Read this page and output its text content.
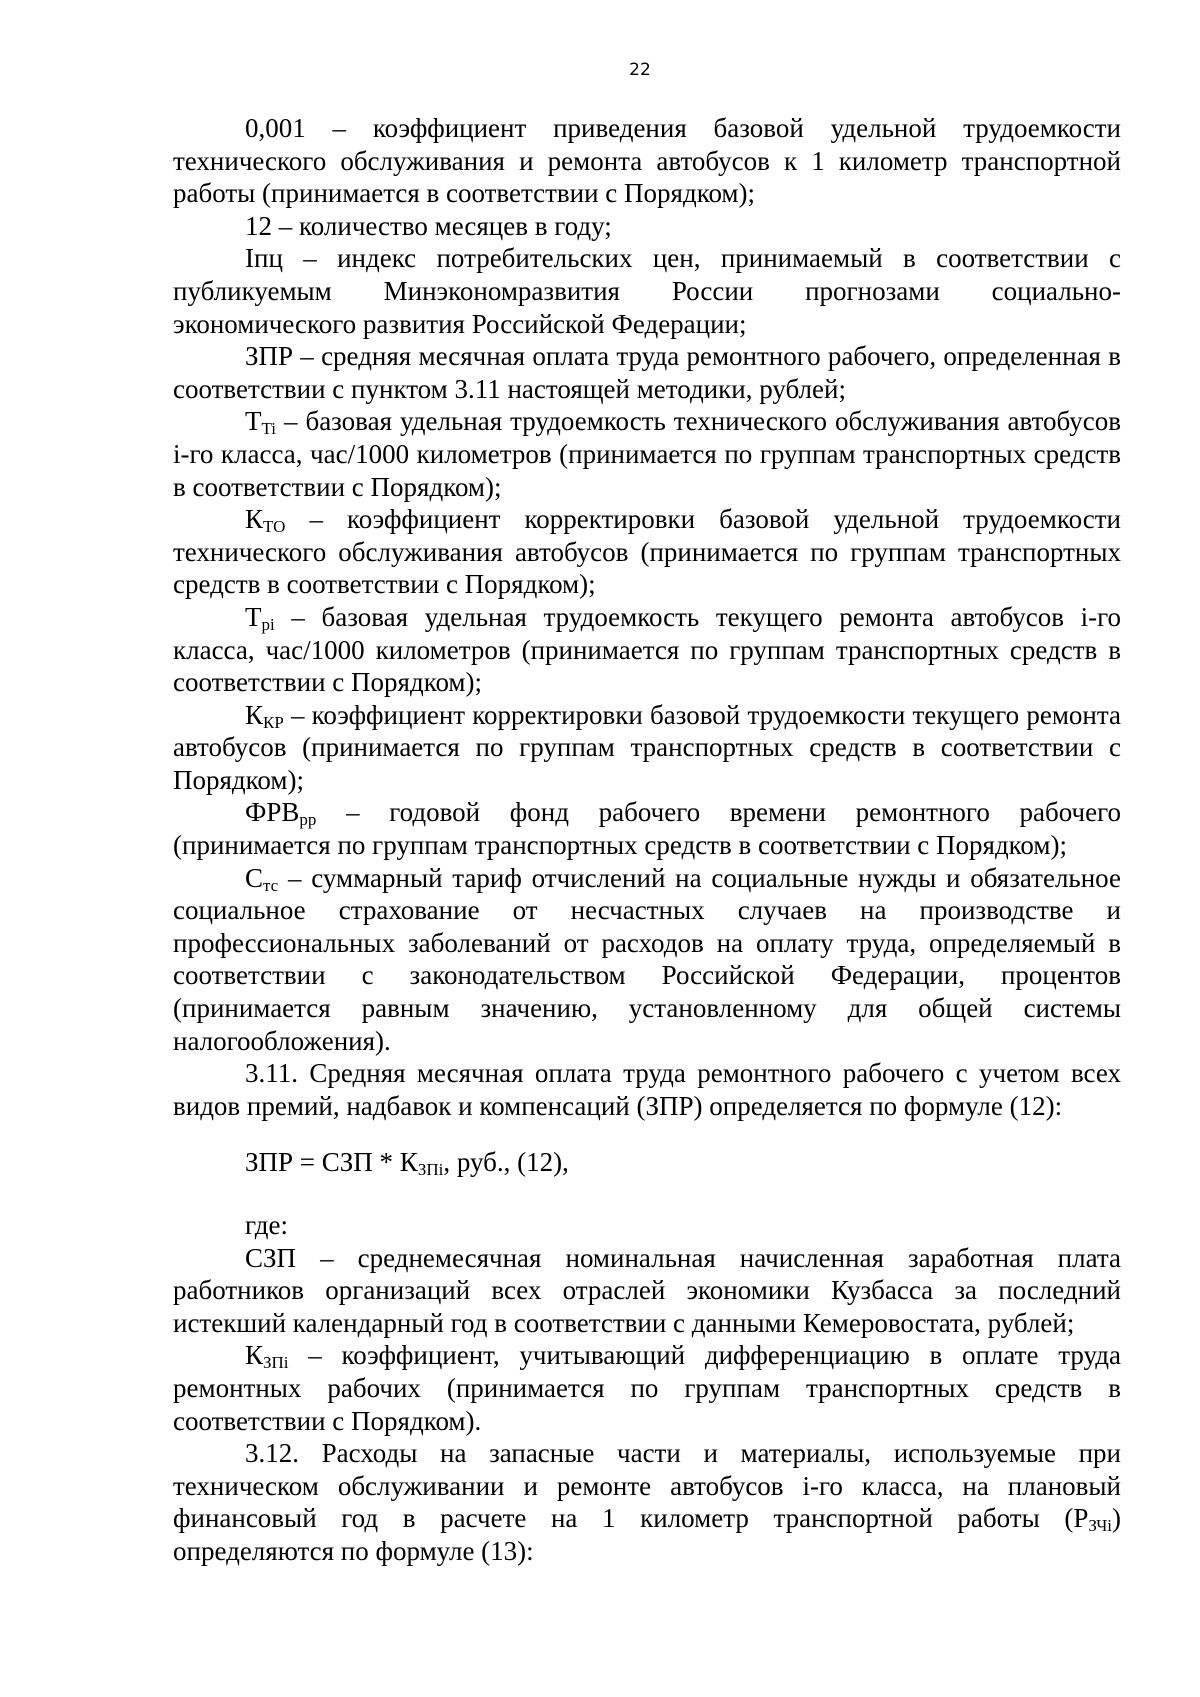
22

0,001 – коэффициент приведения базовой удельной трудоемкости технического обслуживания и ремонта автобусов к 1 километр транспортной работы (принимается в соответствии с Порядком);

12 – количество месяцев в году;

Iпц – индекс потребительских цен, принимаемый в соответствии с публикуемым Минэкономразвития России прогнозами социально-экономического развития Российской Федерации;

ЗПР – средняя месячная оплата труда ремонтного рабочего, определенная в соответствии с пунктом 3.11 настоящей методики, рублей;

$Т_{Ti}$ – базовая удельная трудоемкость технического обслуживания автобусов i-го класса, час/1000 километров (принимается по группам транспортных средств в соответствии с Порядком);

$К_{ТО}$ – коэффициент корректировки базовой удельной трудоемкости технического обслуживания автобусов (принимается по группам транспортных средств в соответствии с Порядком);

$Т_{рi}$ – базовая удельная трудоемкость текущего ремонта автобусов i-го класса, час/1000 километров (принимается по группам транспортных средств в соответствии с Порядком);

$К_{КР}$ – коэффициент корректировки базовой трудоемкости текущего ремонта автобусов (принимается по группам транспортных средств в соответствии с Порядком);

$ФРВ_{рр}$ – годовой фонд рабочего времени ремонтного рабочего (принимается по группам транспортных средств в соответствии с Порядком);

$С_{тс}$ – суммарный тариф отчислений на социальные нужды и обязательное социальное страхование от несчастных случаев на производстве и профессиональных заболеваний от расходов на оплату труда, определяемый в соответствии с законодательством Российской Федерации, процентов (принимается равным значению, установленному для общей системы налогообложения).

3.11. Средняя месячная оплата труда ремонтного рабочего с учетом всех видов премий, надбавок и компенсаций (ЗПР) определяется по формуле (12):

ЗПР = СЗП * $К_{ЗПi}$, руб., (12),

где:

СЗП – среднемесячная номинальная начисленная заработная плата работников организаций всех отраслей экономики Кузбасса за последний истекший календарный год в соответствии с данными Кемеровостата, рублей;

$К_{ЗПi}$ – коэффициент, учитывающий дифференциацию в оплате труда ремонтных рабочих (принимается по группам транспортных средств в соответствии с Порядком).

3.12. Расходы на запасные части и материалы, используемые при техническом обслуживании и ремонте автобусов i-го класса, на плановый финансовый год в расчете на 1 километр транспортной работы $(Р_{ЗЧi})$ определяются по формуле (13):
